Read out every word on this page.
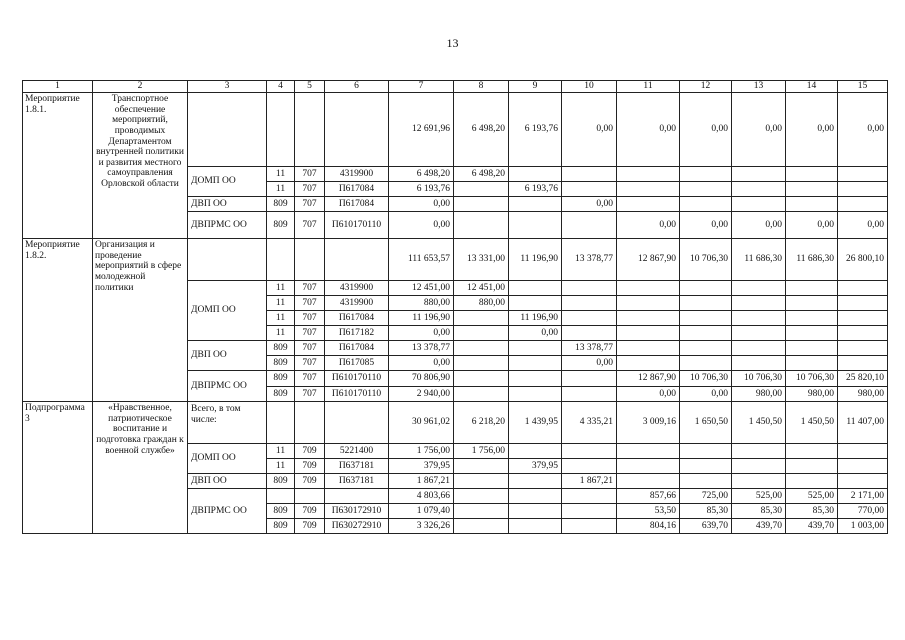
13
1	2	3	4	5	6	7	8	9	10	11	12	13	14	15
Мероприятие 1.8.1.	Транспортное обеспечение мероприятий, проводимых Департаментом внутренней политики и развития местного самоуправления Орловской области					12 691,96	6 498,20	6 193,76	0,00	0,00	0,00	0,00	0,00	0,00
		ДОМП ОО	11	707	4319900	6 498,20	6 498,20							
			11	707	П617084	6 193,76		6 193,76						
		ДВП ОО	809	707	П617084	0,00			0,00					
		ДВПРМС ОО	809	707	П610170110	0,00				0,00	0,00	0,00	0,00	0,00
Мероприятие 1.8.2.	Организация и проведение мероприятий в сфере молодежной политики					111 653,57	13 331,00	11 196,90	13 378,77	12 867,90	10 706,30	11 686,30	11 686,30	26 800,10
		ДОМП ОО	11	707	4319900	12 451,00	12 451,00							
			11	707	4319900	880,00	880,00							
			11	707	П617084	11 196,90		11 196,90						
			11	707	П617182	0,00		0,00						
		ДВП ОО	809	707	П617084	13 378,77			13 378,77					
			809	707	П617085	0,00			0,00					
		ДВПРМС ОО	809	707	П610170110	70 806,90				12 867,90	10 706,30	10 706,30	10 706,30	25 820,10
			809	707	П610170110	2 940,00				0,00	0,00	980,00	980,00	980,00
Подпрограмма 3	«Нравственное, патриотическое воспитание и подготовка граждан к военной службе»	Всего, в том числе:				30 961,02	6 218,20	1 439,95	4 335,21	3 009,16	1 650,50	1 450,50	1 450,50	11 407,00
		ДОМП ОО	11	709	5221400	1 756,00	1 756,00							
			11	709	П637181	379,95		379,95						
		ДВП ОО	809	709	П637181	1 867,21			1 867,21					
		ДВПРМС ОО				4 803,66				857,66	725,00	525,00	525,00	2 171,00
			809	709	П630172910	1 079,40				53,50	85,30	85,30	85,30	770,00
			809	709	П630272910	3 326,26				804,16	639,70	439,70	439,70	1 003,00
